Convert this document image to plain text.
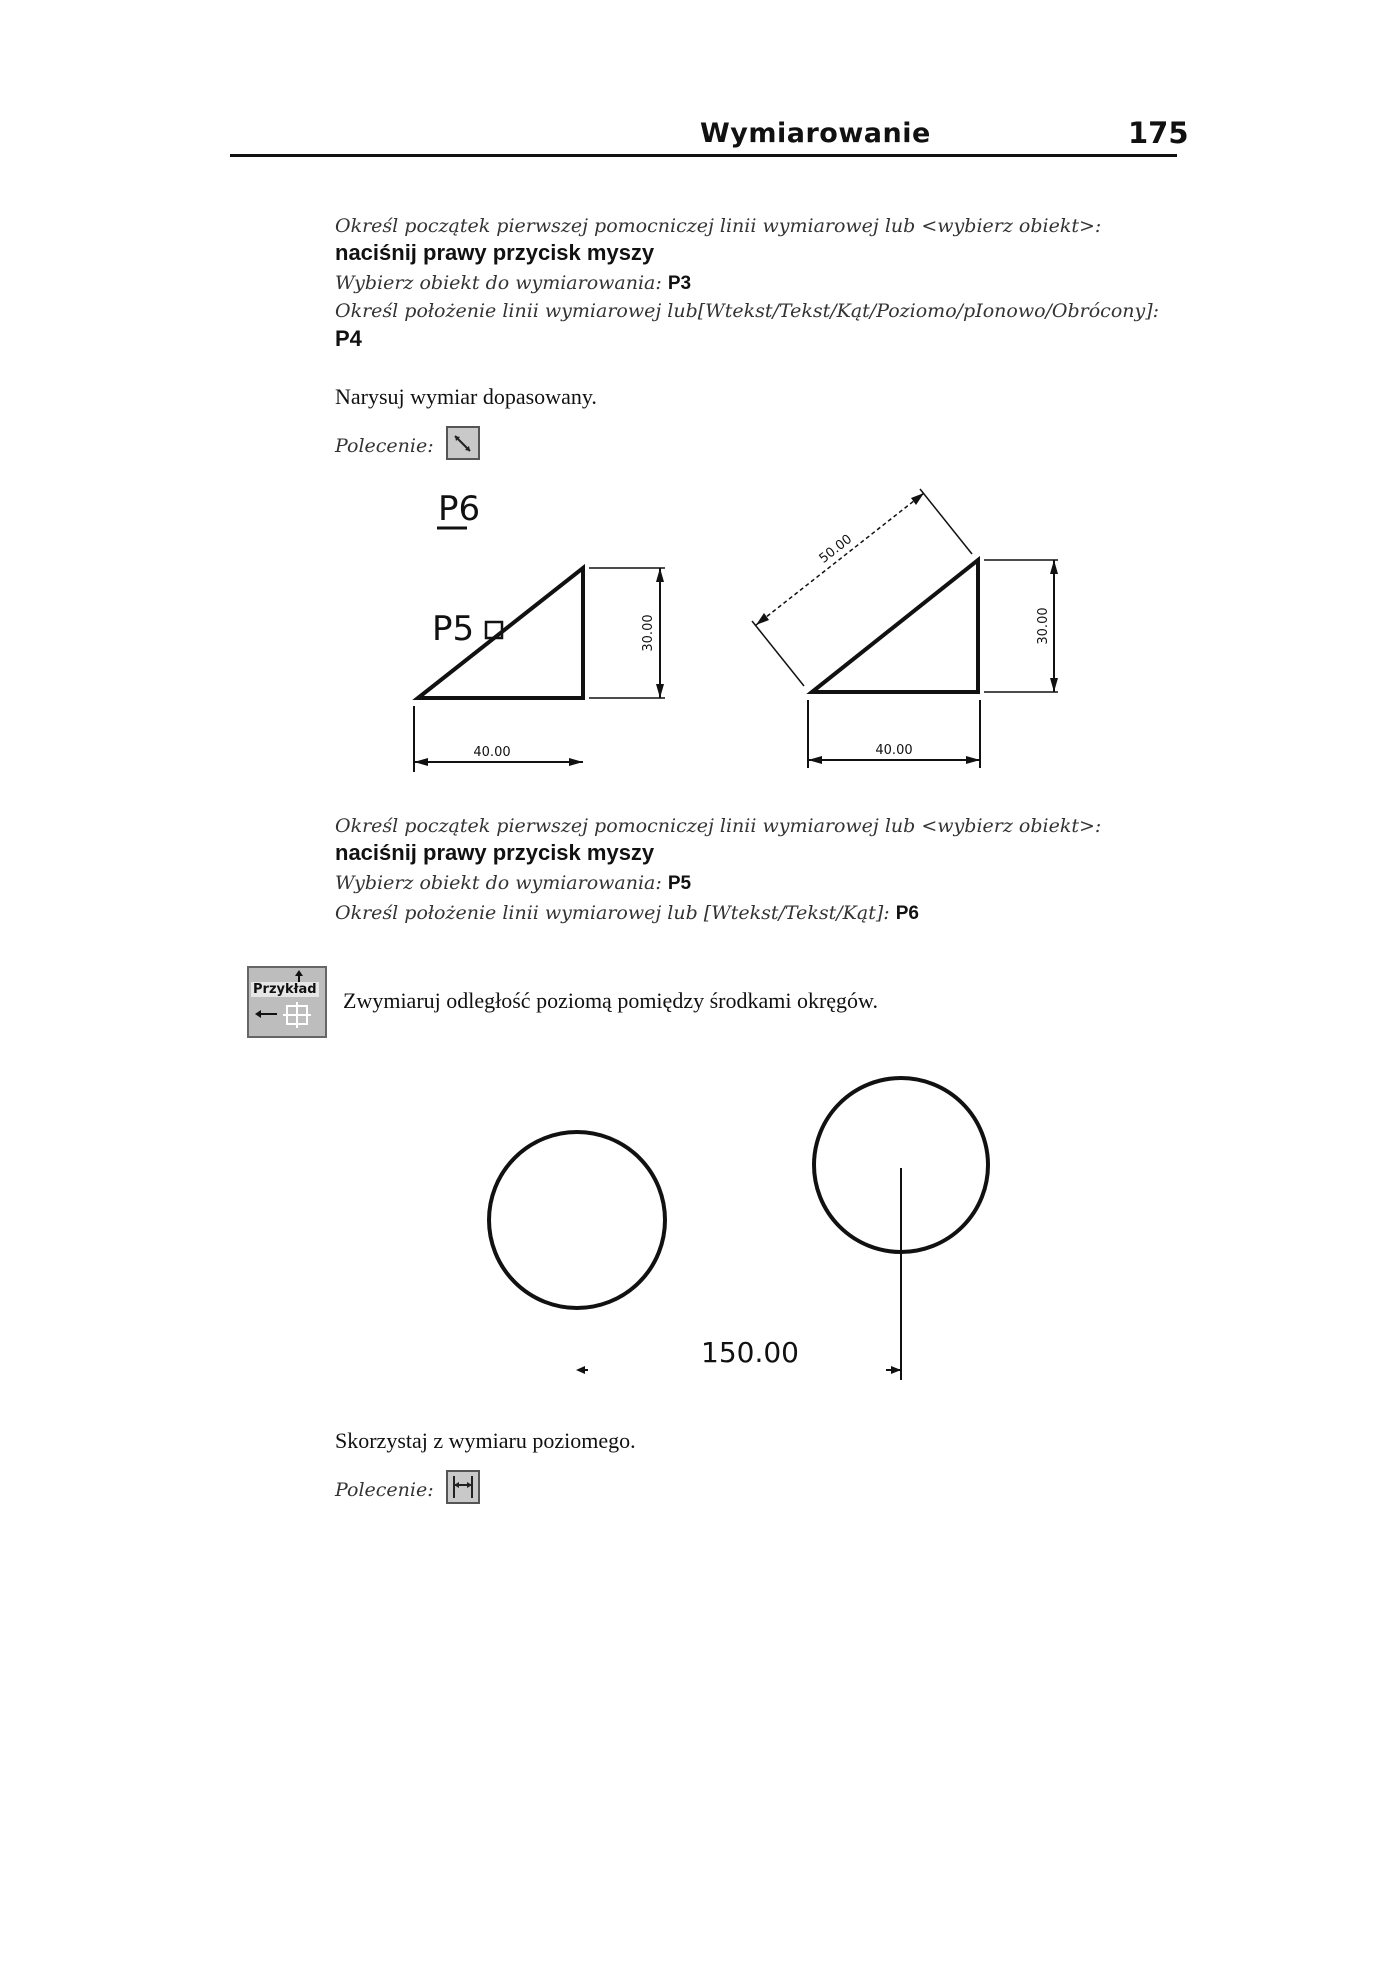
Wymiarowanie	175
Określ początek pierwszej pomocniczej linii wymiarowej lub <wybierz obiekt>:
naciśnij prawy przycisk myszy
Wybierz obiekt do wymiarowania: P3
Określ położenie linii wymiarowej lub[Wtekst/Tekst/Kąt/Poziomo/pIonowo/Obrócony]:
P4
Narysuj wymiar dopasowany.
Polecenie:
P6
P5	30.00
40.00
50.00
30.00
40.00
Określ początek pierwszej pomocniczej linii wymiarowej lub <wybierz obiekt>:
naciśnij prawy przycisk myszy
Wybierz obiekt do wymiarowania: P5
Określ położenie linii wymiarowej lub [Wtekst/Tekst/Kąt]: P6
Przykład Zwymiaruj odległość poziomą pomiędzy środkami okręgów.
150.00
Skorzystaj z wymiaru poziomego.
Polecenie:
